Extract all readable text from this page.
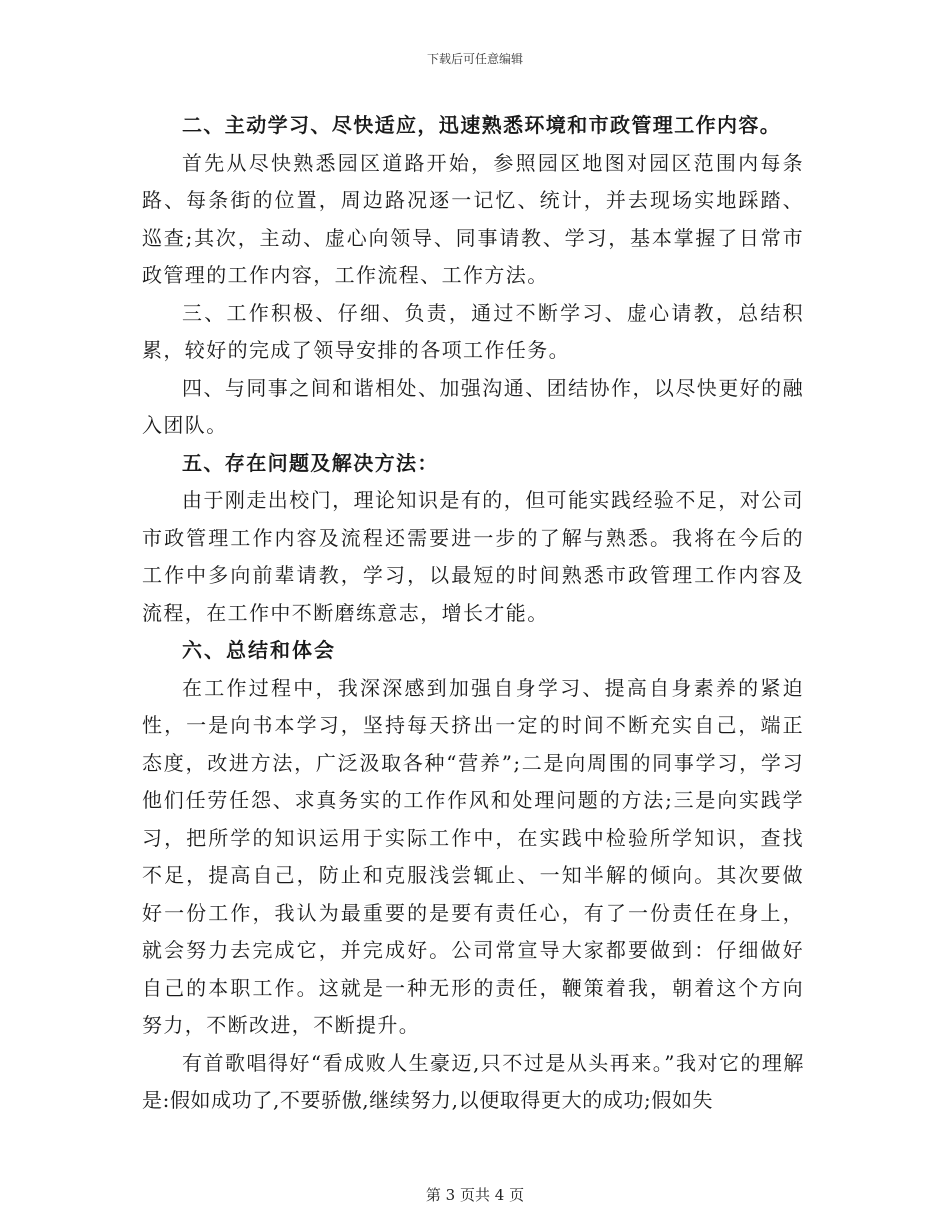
下载后可任意编辑

二、主动学习、尽快适应，迅速熟悉环境和市政管理工作内容。

首先从尽快熟悉园区道路开始，参照园区地图对园区范围内每条路、每条街的位置，周边路况逐一记忆、统计，并去现场实地踩踏、巡查;其次，主动、虚心向领导、同事请教、学习，基本掌握了日常市政管理的工作内容，工作流程、工作方法。

三、工作积极、仔细、负责，通过不断学习、虚心请教，总结积累，较好的完成了领导安排的各项工作任务。

四、与同事之间和谐相处、加强沟通、团结协作，以尽快更好的融入团队。

五、存在问题及解决方法：

由于刚走出校门，理论知识是有的，但可能实践经验不足，对公司市政管理工作内容及流程还需要进一步的了解与熟悉。我将在今后的工作中多向前辈请教，学习，以最短的时间熟悉市政管理工作内容及流程，在工作中不断磨练意志，增长才能。

六、总结和体会

在工作过程中，我深深感到加强自身学习、提高自身素养的紧迫性，一是向书本学习，坚持每天挤出一定的时间不断充实自己，端正态度，改进方法，广泛汲取各种“营养”;二是向周围的同事学习，学习他们任劳任怨、求真务实的工作作风和处理问题的方法;三是向实践学习，把所学的知识运用于实际工作中，在实践中检验所学知识，查找不足，提高自己，防止和克服浅尝辄止、一知半解的倾向。其次要做好一份工作，我认为最重要的是要有责任心，有了一份责任在身上，就会努力去完成它，并完成好。公司常宣导大家都要做到：仔细做好自己的本职工作。这就是一种无形的责任，鞭策着我，朝着这个方向努力，不断改进，不断提升。

有首歌唱得好“看成败人生豪迈,只不过是从头再来。”我对它的理解是:假如成功了,不要骄傲,继续努力,以便取得更大的成功;假如失

第 3 页共 4 页
